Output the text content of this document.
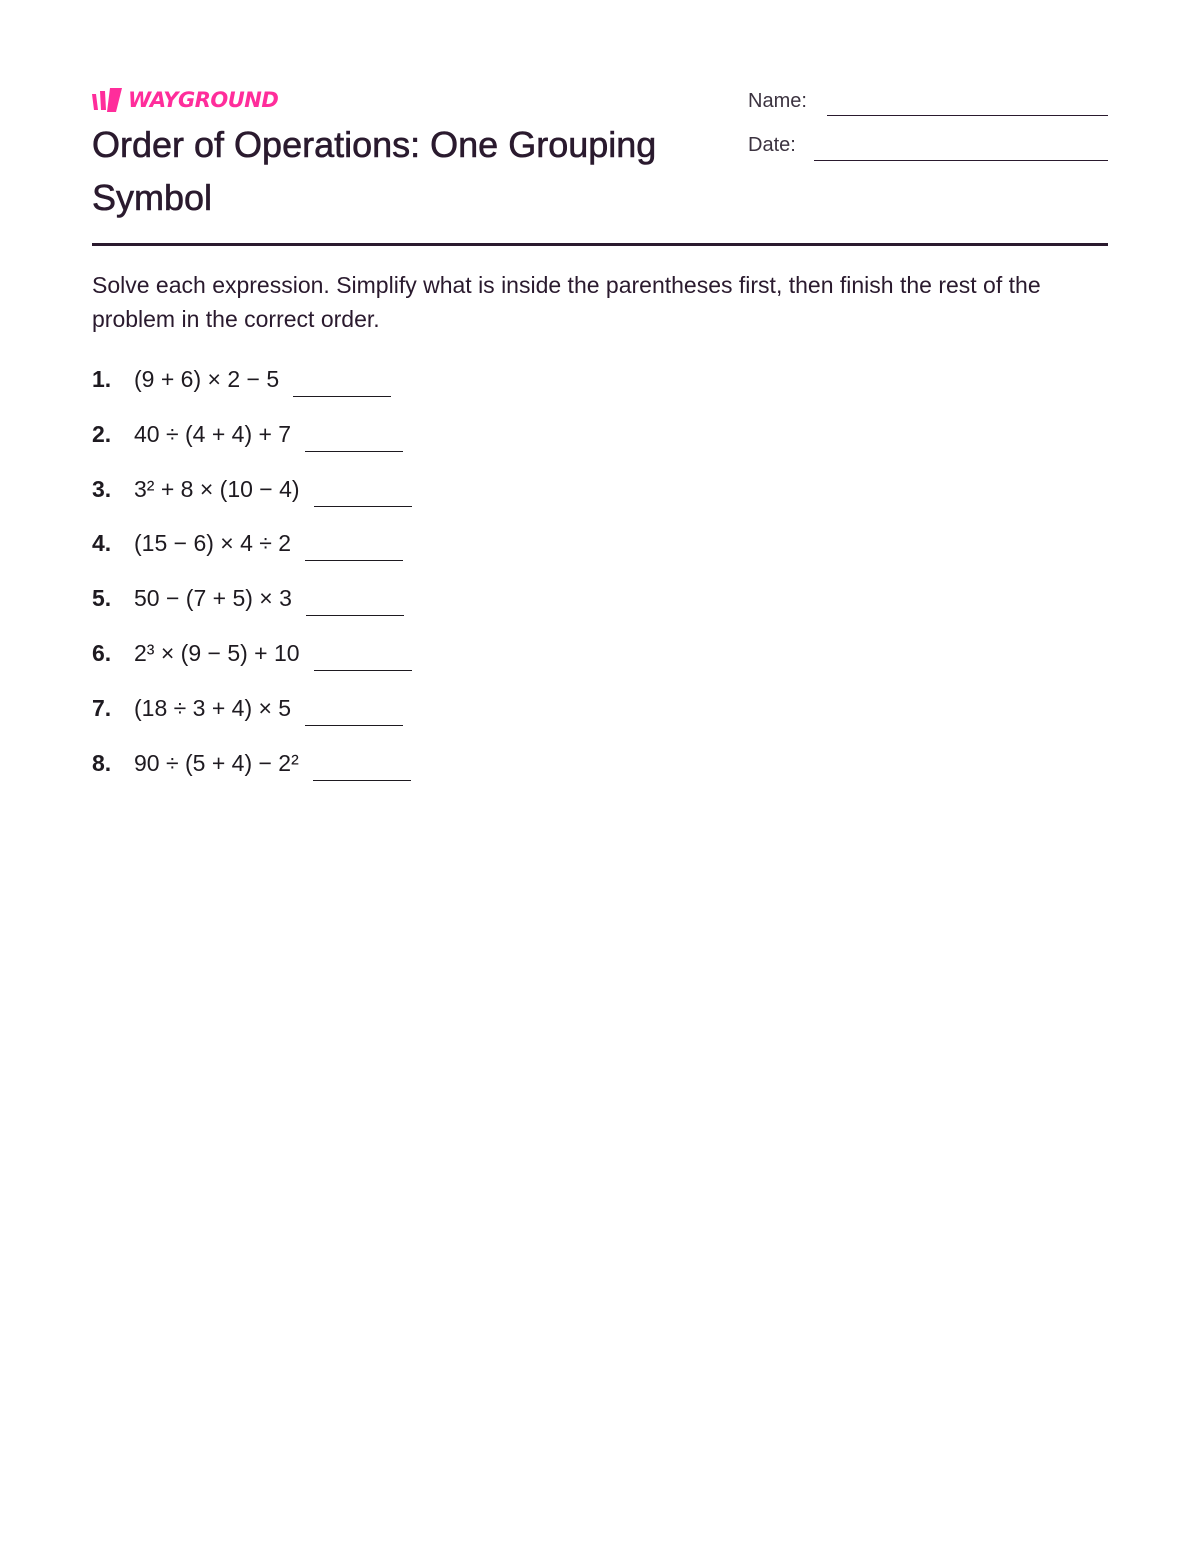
WAYGROUND
Order of Operations: One Grouping Symbol
Name:
Date:

Solve each expression. Simplify what is inside the parentheses first, then finish the rest of the problem in the correct order.

1. (9 + 6) × 2 − 5
2. 40 ÷ (4 + 4) + 7
3. 3² + 8 × (10 − 4)
4. (15 − 6) × 4 ÷ 2
5. 50 − (7 + 5) × 3
6. 2³ × (9 − 5) + 10
7. (18 ÷ 3 + 4) × 5
8. 90 ÷ (5 + 4) − 2²
